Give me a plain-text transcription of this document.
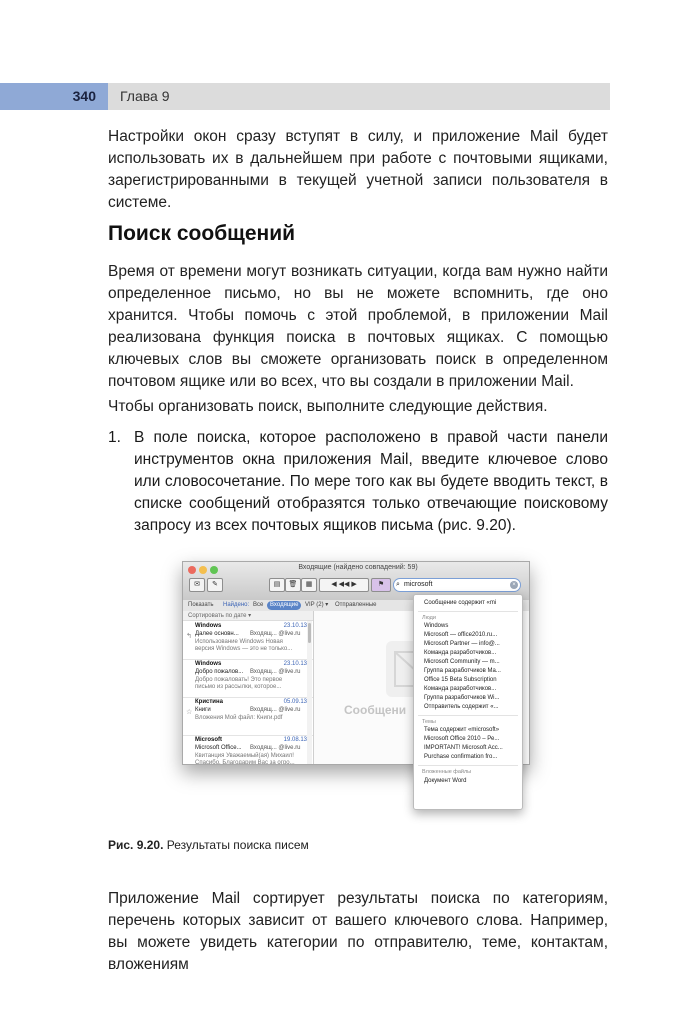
340 Глава 9
Настройки окон сразу вступят в силу, и приложение Mail будет использовать их в дальнейшем при работе с почтовыми ящиками, зарегистрированными в текущей учетной записи пользователя в системе.
Поиск сообщений
Время от времени могут возникать ситуации, когда вам нужно найти определенное письмо, но вы не можете вспомнить, где оно хранится. Чтобы помочь с этой проблемой, в приложении Mail реализована функция поиска в почтовых ящиках. С помощью ключевых слов вы сможете организовать поиск в определенном почтовом ящике или во всех, что вы создали в приложении Mail.
Чтобы организовать поиск, выполните следующие действия.
1. В поле поиска, которое расположено в правой части панели инструментов окна приложения Mail, введите ключевое слово или словосочетание. По мере того как вы будете вводить текст, в списке сообщений отобразятся только отвечающие поисковому запросу из всех почтовых ящиков письма (рис. 9.20).
Входящие (найдено совпадений: 59)
✉	✎	▤	🗑	▦	◀ ◀◀ ▶	⚑	⌕ microsoft	×
Показать Найдено: Все	Входящие	VIP (2) ▾ Отправленные
Сортировать по дате ▾
Windows	23.10.13
↰ Далее основн... Входящ... @live.ru
Использование Windows Новая версия Windows — это не только...
Windows	23.10.13
Добро пожалов... Входящ... @live.ru
Добро пожаловать! Это первое письмо из рассылки, которое...
Кристина	05.09.13
☆ Книги	Входящ... @live.ru
Вложения Мой файл: Книги.pdf
Microsoft	19.08.13
Microsoft Office... Входящ... @live.ru
Квитанция Уважаемый(ая) Михаил! Спасибо. Благодарим Вас за огро...
Сообщени
Сообщение содержит «mi
Люди
Windows
Microsoft — office2010.ru...
Microsoft Partner — info@...
Команда разработчиков...
Microsoft Community — m...
Группа разработчиков Ма...
Office 15 Beta Subscription
Команда разработчиков...
Группа разработчиков Wi...
Отправитель содержит «...
Темы
Тема содержит «microsoft»
Microsoft Office 2010 – Ре...
IMPORTANT! Microsoft Acc...
Purchase confirmation fro...
Вложенные файлы
Документ Word
Рис. 9.20. Результаты поиска писем
Приложение Mail сортирует результаты поиска по категориям, перечень которых зависит от вашего ключевого слова. Например, вы можете увидеть категории по отправителю, теме, контактам, вложениям
